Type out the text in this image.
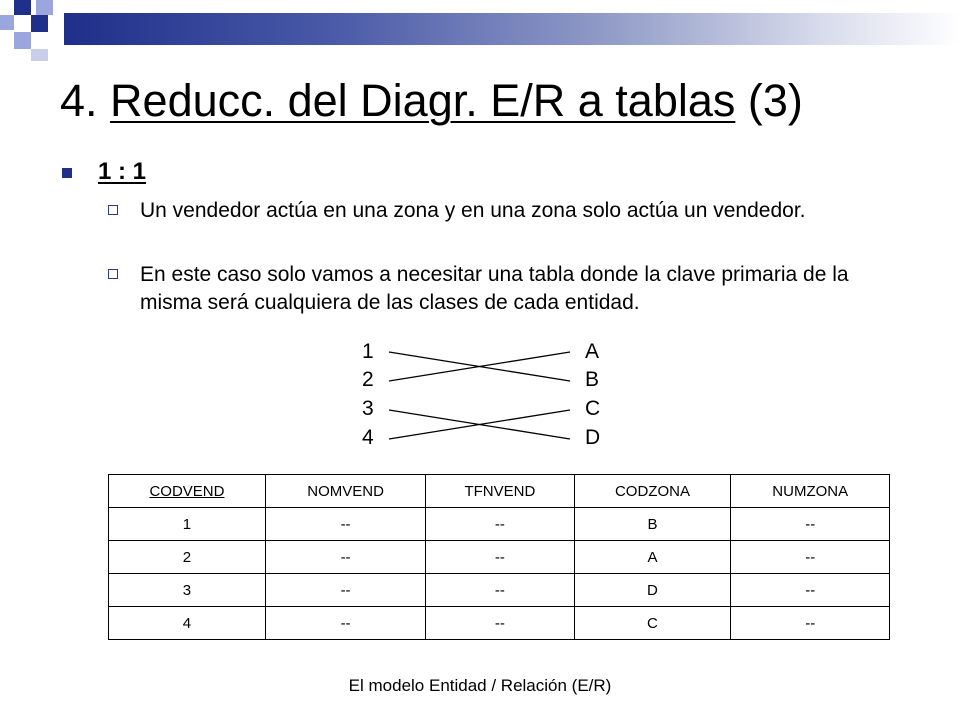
4. Reducc. del Diagr. E/R a tablas (3)
1 : 1
Un vendedor actúa en una zona y en una zona solo actúa un vendedor.
En este caso solo vamos a necesitar una tabla donde la clave primaria de la misma será cualquiera de las clases de cada entidad.
1
2
3
4
A
B
C
D
CODVEND	NOMVEND	TFNVEND	CODZONA	NUMZONA
1	--	--	B	--
2	--	--	A	--
3	--	--	D	--
4	--	--	C	--
El modelo Entidad / Relación (E/R)
